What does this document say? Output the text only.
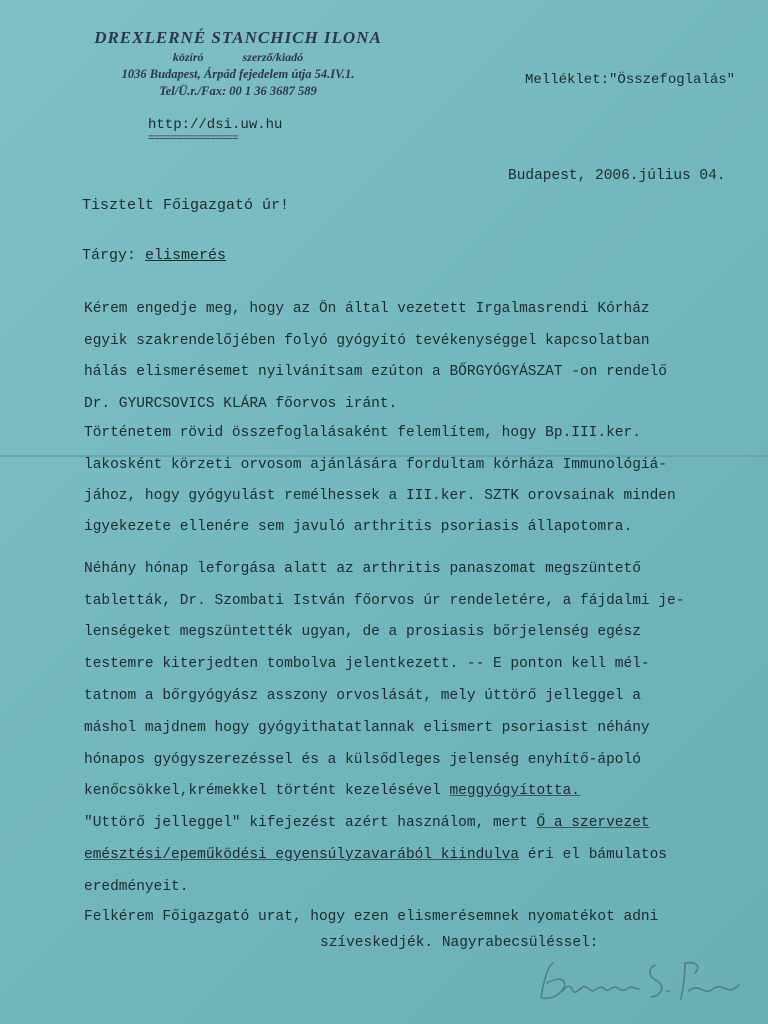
DREXLERNÉ STANCHICH ILONA
közíró	szerző/kiadó
1036 Budapest, Árpád fejedelem útja 54.IV.1.
Tel/Ü.r./Fax: 00 1 36 3687 589
http://dsi.uw.hu
================
Melléklet:"Összefoglalás"
Budapest, 2006.július 04.
Tisztelt Főigazgató úr!
Tárgy: elismerés
Kérem engedje meg, hogy az Ön által vezetett Irgalmasrendi Kórház
egyik szakrendelőjében folyó gyógyító tevékenységgel kapcsolatban
hálás elismerésemet nyilvánítsam ezúton a BŐRGYÓGYÁSZAT -on rendelő
Dr. GYURCSOVICS KLÁRA főorvos iránt.
Történetem rövid összefoglalásaként felemlítem, hogy Bp.III.ker.
lakosként körzeti orvosom ajánlására fordultam kórháza Immunológiá-
jához, hogy gyógyulást remélhessek a III.ker. SZTK orovsainak minden
igyekezete ellenére sem javuló arthritis psoriasis állapotomra.
Néhány hónap leforgása alatt az arthritis panaszomat megszüntető
tabletták, Dr. Szombati István főorvos úr rendeletére, a fájdalmi je-
lenségeket megszüntették ugyan, de a prosiasis bőrjelenség egész
testemre kiterjedten tombolva jelentkezett. -- E ponton kell mél-
tatnom a bőrgyógyász asszony orvoslását, mely úttörő jelleggel a
máshol majdnem hogy gyógyithatatlannak elismert psoriasist néhány
hónapos gyógyszerezéssel és a külsődleges jelenség enyhítő-ápoló
kenőcsökkel,krémekkel történt kezelésével meggyógyította.
"Uttörő jelleggel" kifejezést azért használom, mert Ő a szervezet
emésztési/epeműködési egyensúlyzavarából kiindulva éri el bámulatos
eredményeit.
Felkérem Főigazgató urat, hogy ezen elismerésemnek nyomatékot adni
szíveskedjék. Nagyrabecsüléssel:
Drexlerné S. Ilona
